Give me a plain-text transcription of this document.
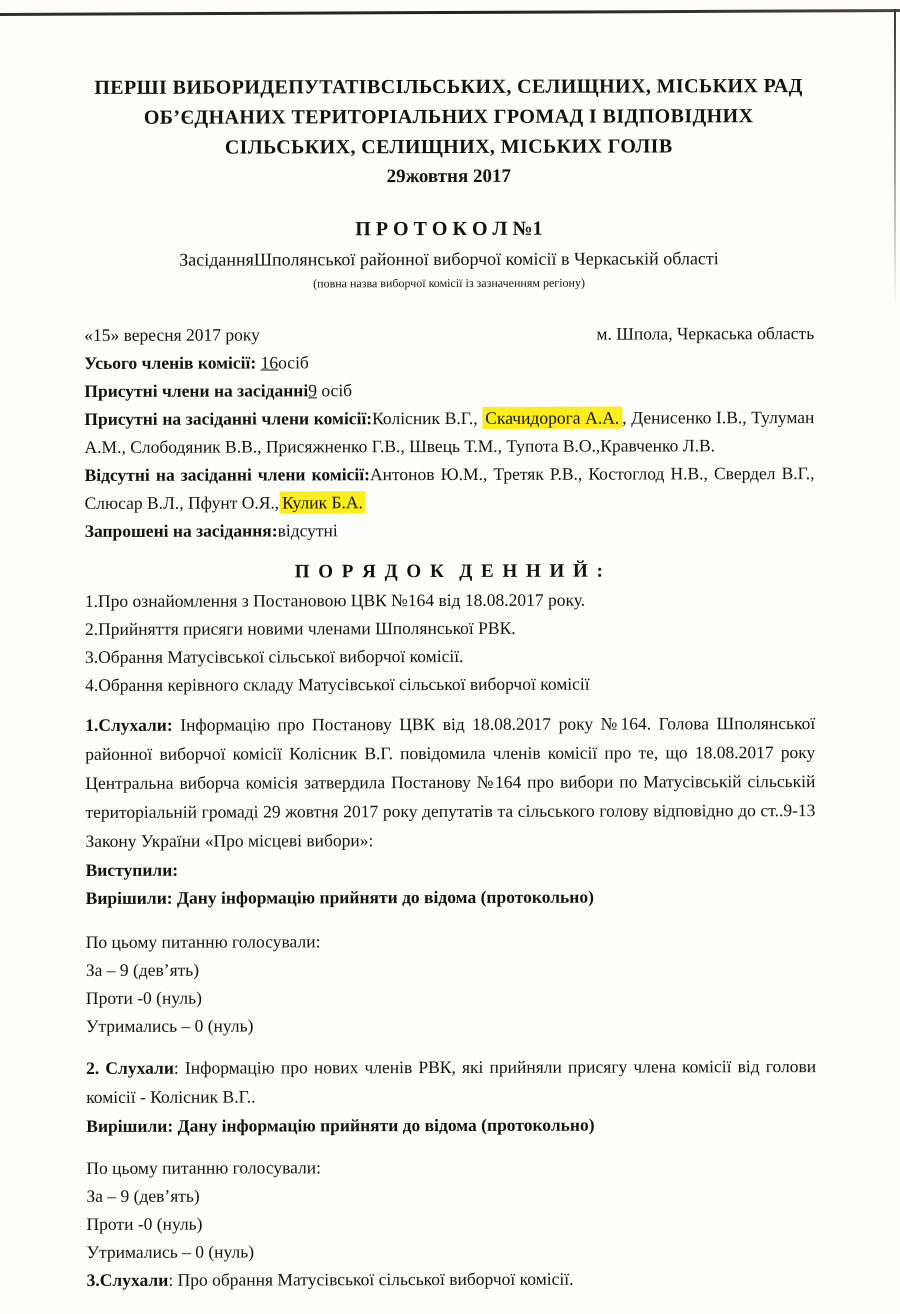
ПЕРШІ ВИБОРИДЕПУТАТІВСІЛЬСЬКИХ, СЕЛИЩНИХ, МІСЬКИХ РАД
ОБ’ЄДНАНИХ ТЕРИТОРІАЛЬНИХ ГРОМАД І ВІДПОВІДНИХ
СІЛЬСЬКИХ, СЕЛИЩНИХ, МІСЬКИХ ГОЛІВ
29жовтня 2017
П Р О Т О К О Л №1
ЗасіданняШполянської районної виборчої комісії в Черкаській області
(повна назва виборчої комісії із зазначенням регіону)
«15» вересня 2017 року	м. Шпола, Черкаська область
Усього членів комісії: 16осіб
Присутні члени на засіданні9 осіб
Присутні на засіданні члени комісії:Колісник В.Г., Скачидорога А.А. , Денисенко І.В., Тулуман А.М., Слободяник В.В., Присяжненко Г.В., Швець Т.М., Тупота В.О.,Кравченко Л.В.
Відсутні на засіданні члени комісії:Антонов Ю.М., Третяк Р.В., Костоглод Н.В., Свердел В.Г., Слюсар В.Л., Пфунт О.Я., Кулик Б.А.
Запрошені на засідання:відсутні
П О Р Я Д О К  Д Е Н Н И Й :
1.Про ознайомлення з Постановою ЦВК №164 від 18.08.2017 року.
2.Прийняття присяги новими членами Шполянської РВК.
3.Обрання Матусівської сільської виборчої комісії.
4.Обрання керівного складу Матусівської сільської виборчої комісії
1.Слухали: Інформацію про Постанову ЦВК від 18.08.2017 року №164. Голова Шполянської районної виборчої комісії Колісник В.Г. повідомила членів комісії про те, що 18.08.2017 року Центральна виборча комісія затвердила Постанову №164 про вибори по Матусівській сільській територіальній громаді 29 жовтня 2017 року депутатів та сільського голову відповідно до ст..9-13 Закону України «Про місцеві вибори»:
Виступили:
Вирішили: Дану інформацію прийняти до відома (протокольно)
По цьому питанню голосували:
За – 9 (дев’ять)
Проти -0 (нуль)
Утримались – 0 (нуль)
2. Слухали: Інформацію про нових членів РВК, які прийняли присягу члена комісії від голови комісії - Колісник В.Г..
Вирішили: Дану інформацію прийняти до відома (протокольно)
По цьому питанню голосували:
За – 9 (дев’ять)
Проти -0 (нуль)
Утримались – 0 (нуль)
3.Слухали: Про обрання Матусівської сільської виборчої комісії.
